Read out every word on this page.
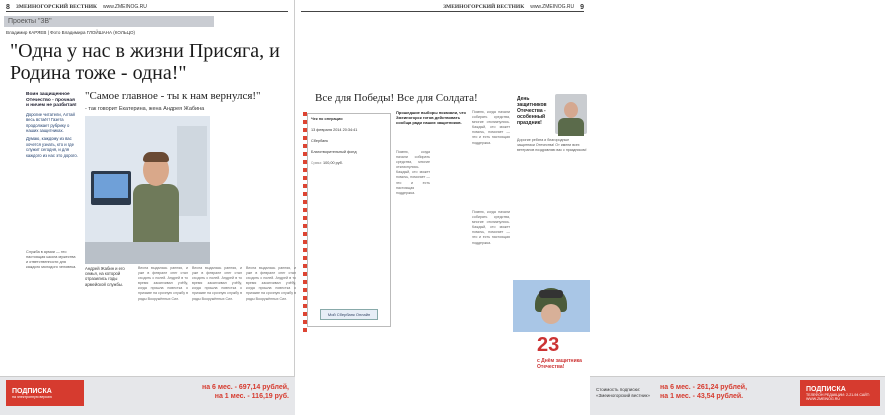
8 ЗМЕИНОГОРСКИЙ ВЕСТНИК www.ZMEINOG.RU
Проекты "3В"
Владимир КАРЯЕВ | Фото Владимира ГЛОЙШАНА (КОЛЬЦО)
"Одна у нас в жизни Присяга, и Родина тоже - одна!"
Воин защищенное Отечество - прочная и ничем не разбитая!

Дорогие читатели, Алтай весь встаёт! Газета продолжает рубрику о наших защитниках.

Думаю, каждому из вас хочется узнать, кто и где служит сегодня, и для каждого из нас это дорого.

Служба в армии — это настоящая школа мужества и ответственности для каждого молодого человека.
"Самое главное - ты к нам вернулся!"
- так говорит Екатерина, жена Андрея Жабина
Андрей Жабин и его семья, на которой отразились годы армейской службы.
Весна выдалась ранняя, и уже в феврале снег стал сходить с полей. Андрей в то время заканчивал учёбу, когда пришла повестка о призыве на срочную службу в ряды Вооружённых Сил.
Весна выдалась ранняя, и уже в феврале снег стал сходить с полей. Андрей в то время заканчивал учёбу, когда пришла повестка о призыве на срочную службу в ряды Вооружённых Сил.
Весна выдалась ранняя, и уже в феврале снег стал сходить с полей. Андрей в то время заканчивал учёбу, когда пришла повестка о призыве на срочную службу в ряды Вооружённых Сил.
ПОДПИСКА
на электронную версию
на 6 мес. - 697,14 рублей,
на 1 мес. - 116,19 руб.
ЗМЕИНОГОРСКИЙ ВЕСТНИК www.ZMEINOG.RU 9
Все для Победы! Все для Солдата!
Чек по операции
13 февраля 2014 20:34:41
Сбербанк
Благотворительный фонд
Сумма: 100,00 руб.
Мой Сбербанк Онлайн
Прошедшие выборы показали, что Змеиногорск готов действовать сообща ради наших защитников.
Помню, когда начали собирать средства, многие откликнулись. Каждый, кто может помочь, помогает — это и есть настоящая поддержка.
Помню, когда начали собирать средства, многие откликнулись. Каждый, кто может помочь, помогает — это и есть настоящая поддержка.
Помню, когда начали собирать средства, многие откликнулись. Каждый, кто может помочь, помогает — это и есть настоящая поддержка.
День защитников Отечества - особенный праздник!
Дорогие ребята и благородные защитники Отечества! От имени всех ветеранов поздравляю вас с праздником!
23
с Днём защитника Отечества!
Стоимость подписки: «Змеиногорский вестник»
на 6 мес. - 261,24 рублей,
на 1 мес. - 43,54 рублей.
ПОДПИСКА
ТЕЛЕФОН РЕДАКЦИИ: 2-21-94 САЙТ: WWW.ZMEINOG.RU
